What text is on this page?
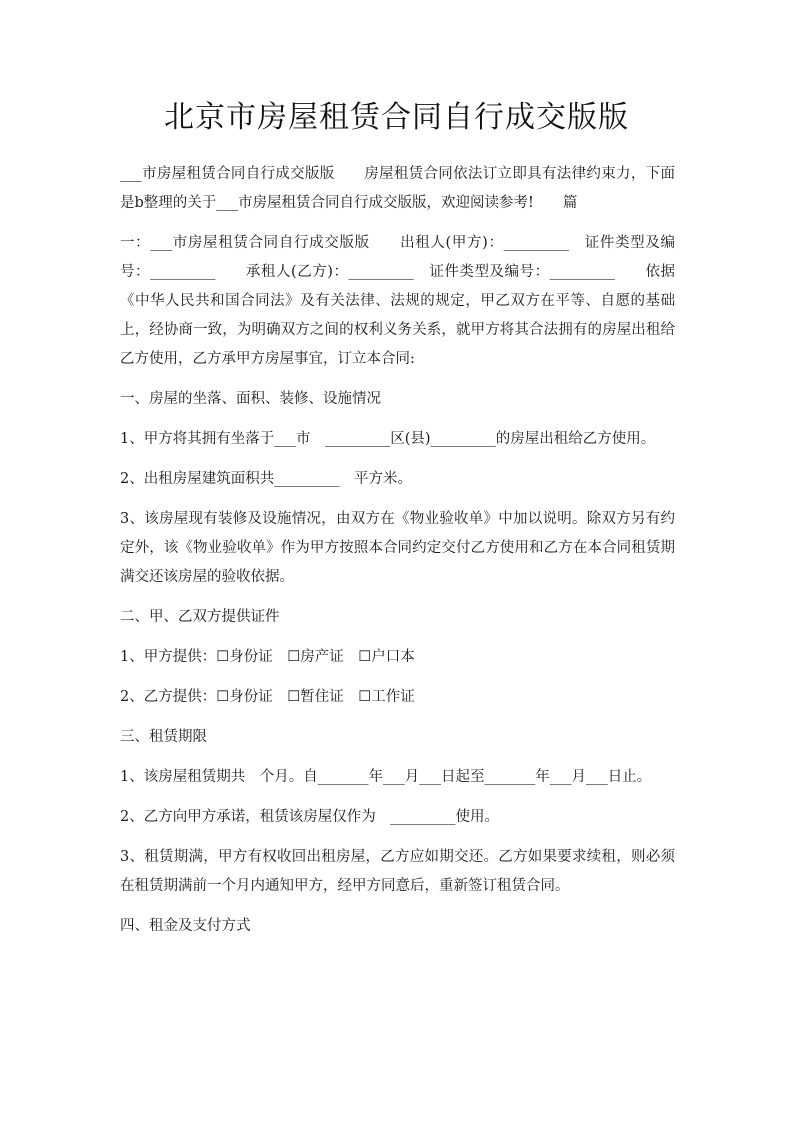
北京市房屋租赁合同自行成交版版

___市房屋租赁合同自行成交版版　　房屋租赁合同依法订立即具有法律约束力，下面是b整理的关于___市房屋租赁合同自行成交版版，欢迎阅读参考!　　篇

一：___市房屋租赁合同自行成交版版　　出租人(甲方)：_________　证件类型及编号：_________　　承租人(乙方)：_________　证件类型及编号：_________　　依据《中华人民共和国合同法》及有关法律、法规的规定，甲乙双方在平等、自愿的基础上，经协商一致，为明确双方之间的权利义务关系，就甲方将其合法拥有的房屋出租给乙方使用，乙方承甲方房屋事宜，订立本合同:

一、房屋的坐落、面积、装修、设施情况

1、甲方将其拥有坐落于___市　_________区(县)_________的房屋出租给乙方使用。

2、出租房屋建筑面积共_________　平方米。

3、该房屋现有装修及设施情况，由双方在《物业验收单》中加以说明。除双方另有约定外，该《物业验收单》作为甲方按照本合同约定交付乙方使用和乙方在本合同租赁期满交还该房屋的验收依据。

二、甲、乙双方提供证件

1、甲方提供：☐身份证　☐房产证　☐户口本

2、乙方提供：☐身份证　☐暂住证　☐工作证

三、租赁期限

1、该房屋租赁期共　个月。自_______年___月___日起至_______年___月___日止。

2、乙方向甲方承诺，租赁该房屋仅作为　_________使用。

3、租赁期满，甲方有权收回出租房屋，乙方应如期交还。乙方如果要求续租，则必须在租赁期满前一个月内通知甲方，经甲方同意后，重新签订租赁合同。

四、租金及支付方式
